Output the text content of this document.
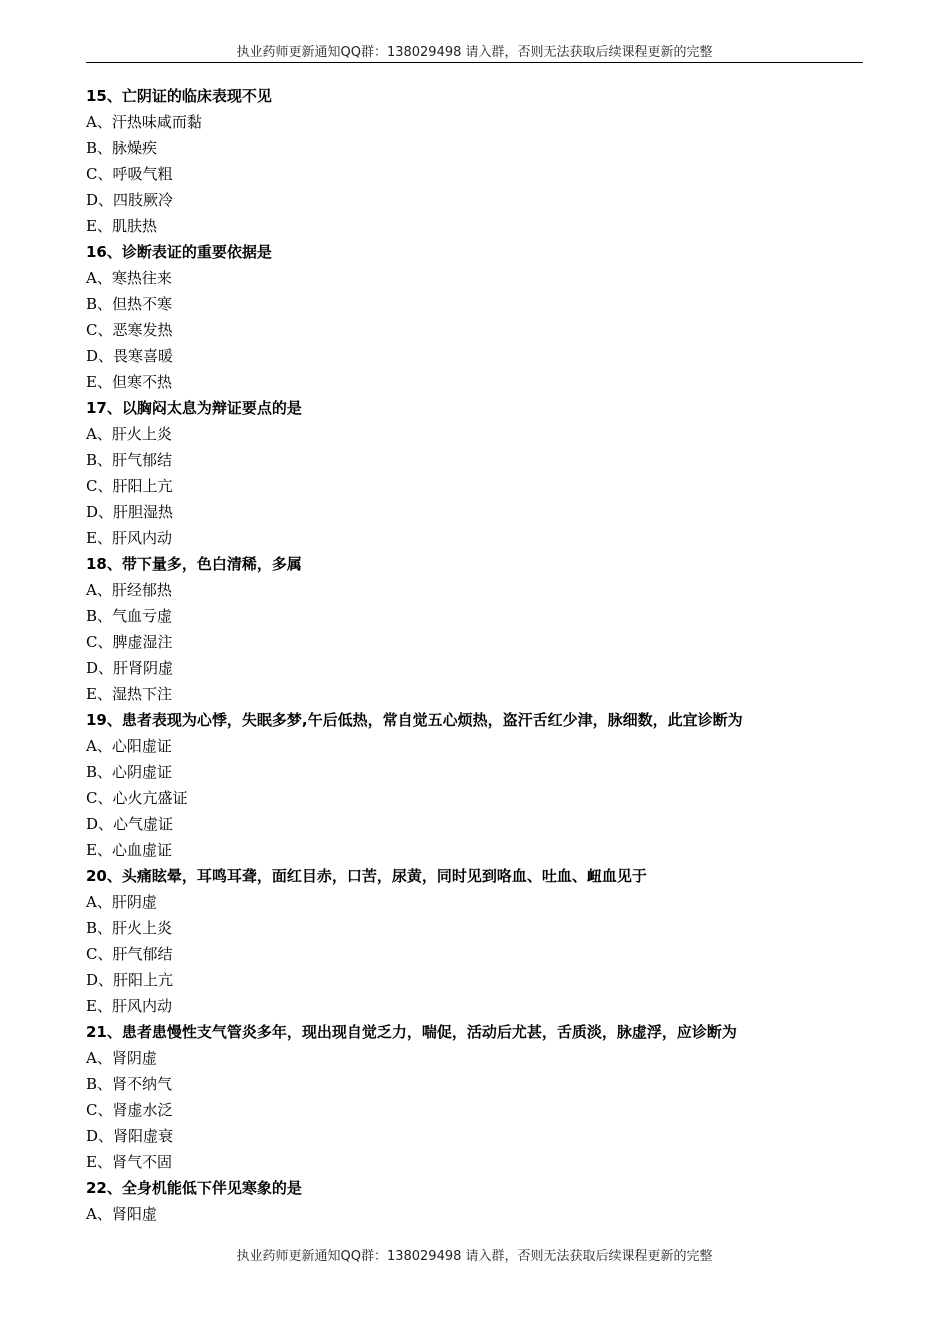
执业药师更新通知QQ群：138029498 请入群，否则无法获取后续课程更新的完整
15、亡阴证的临床表现不见
A、汗热味咸而黏
B、脉燥疾
C、呼吸气粗
D、四肢厥冷
E、肌肤热
16、诊断表证的重要依据是
A、寒热往来
B、但热不寒
C、恶寒发热
D、畏寒喜暖
E、但寒不热
17、以胸闷太息为辩证要点的是
A、肝火上炎
B、肝气郁结
C、肝阳上亢
D、肝胆湿热
E、肝风内动
18、带下量多，色白清稀，多属
A、肝经郁热
B、气血亏虚
C、脾虚湿注
D、肝肾阴虚
E、湿热下注
19、患者表现为心悸，失眠多梦,午后低热，常自觉五心烦热，盗汗舌红少津，脉细数，此宜诊断为
A、心阳虚证
B、心阴虚证
C、心火亢盛证
D、心气虚证
E、心血虚证
20、头痛眩晕，耳鸣耳聋，面红目赤，口苦，尿黄，同时见到咯血、吐血、衄血见于
A、肝阴虚
B、肝火上炎
C、肝气郁结
D、肝阳上亢
E、肝风内动
21、患者患慢性支气管炎多年，现出现自觉乏力，喘促，活动后尤甚，舌质淡，脉虚浮，应诊断为
A、肾阴虚
B、肾不纳气
C、肾虚水泛
D、肾阳虚衰
E、肾气不固
22、全身机能低下伴见寒象的是
A、肾阳虚
执业药师更新通知QQ群：138029498 请入群，否则无法获取后续课程更新的完整
